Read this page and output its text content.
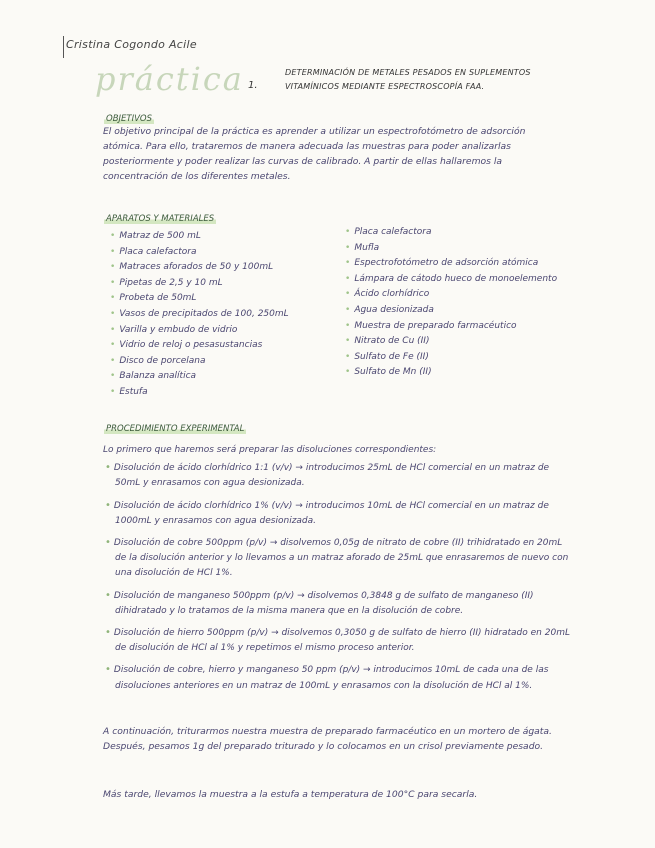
Cristina Cogondo Acile
práctica 1.
DETERMINACIÓN DE METALES PESADOS EN SUPLEMENTOS VITAMÍNICOS MEDIANTE ESPECTROSCOPÍA FAA.
OBJETIVOS
El objetivo principal de la práctica es aprender a utilizar un espectrofotómetro de adsorción atómica. Para ello, trataremos de manera adecuada las muestras para poder analizarlas posteriormente y poder realizar las curvas de calibrado. A partir de ellas hallaremos la concentración de los diferentes metales.
APARATOS Y MATERIALES
• Matraz de 500 mL
• Placa calefactora
• Matraces aforados de 50 y 100mL
• Pipetas de 2,5 y 10 mL
• Probeta de 50mL
• Vasos de precipitados de 100, 250mL
• Varilla y embudo de vidrio
• Vidrio de reloj o pesasustancias
• Disco de porcelana
• Balanza analítica
• Estufa
• Placa calefactora
• Mufla
• Espectrofotómetro de adsorción atómica
• Lámpara de cátodo hueco de monoelemento
• Ácido clorhídrico
• Agua desionizada
• Muestra de preparado farmacéutico
• Nitrato de Cu (II)
• Sulfato de Fe (II)
• Sulfato de Mn (II)
PROCEDIMIENTO EXPERIMENTAL
Lo primero que haremos será preparar las disoluciones correspondientes:
• Disolución de ácido clorhídrico 1:1 (v/v) → introducimos 25mL de HCl comercial en un matraz de 50mL y enrasamos con agua desionizada.
• Disolución de ácido clorhídrico 1% (v/v) → introducimos 10mL de HCl comercial en un matraz de 1000mL y enrasamos con agua desionizada.
• Disolución de cobre 500ppm (p/v) → disolvemos 0,05g de nitrato de cobre (II) trihidratado en 20mL de la disolución anterior y lo llevamos a un matraz aforado de 25mL que enrasaremos de nuevo con una disolución de HCl 1%.
• Disolución de manganeso 500ppm (p/v) → disolvemos 0,3848 g de sulfato de manganeso (II) dihidratado y lo tratamos de la misma manera que en la disolución de cobre.
• Disolución de hierro 500ppm (p/v) → disolvemos 0,3050 g de sulfato de hierro (II) hidratado en 20mL de disolución de HCl al 1% y repetimos el mismo proceso anterior.
• Disolución de cobre, hierro y manganeso 50 ppm (p/v) → introducimos 10mL de cada una de las disoluciones anteriores en un matraz de 100mL y enrasamos con la disolución de HCl al 1%.
A continuación, triturarmos nuestra muestra de preparado farmacéutico en un mortero de ágata. Después, pesamos 1g del preparado triturado y lo colocamos en un crisol previamente pesado.
Más tarde, llevamos la muestra a la estufa a temperatura de 100°C para secarla.
